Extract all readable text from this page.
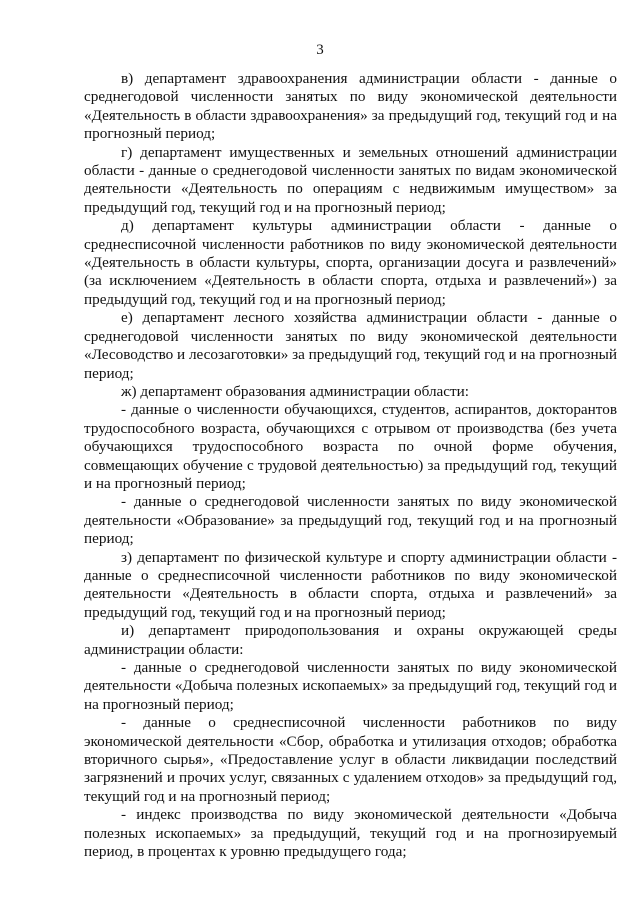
3

в) департамент здравоохранения администрации области - данные о среднегодовой численности занятых по виду экономической деятельности «Деятельность в области здравоохранения» за предыдущий год, текущий год и на прогнозный период;

г) департамент имущественных и земельных отношений администрации области - данные о среднегодовой численности занятых по видам экономической деятельности «Деятельность по операциям с недвижимым имуществом» за предыдущий год, текущий год и на прогнозный период;

д) департамент культуры администрации области - данные о среднесписочной численности работников по виду экономической деятельности «Деятельность в области культуры, спорта, организации досуга и развлечений» (за исключением «Деятельность в области спорта, отдыха и развлечений») за предыдущий год, текущий год и на прогнозный период;

е) департамент лесного хозяйства администрации области - данные о среднегодовой численности занятых по виду экономической деятельности «Лесоводство и лесозаготовки» за предыдущий год, текущий год и на прогнозный период;

ж) департамент образования администрации области:

- данные о численности обучающихся, студентов, аспирантов, докторантов трудоспособного возраста, обучающихся с отрывом от производства (без учета обучающихся трудоспособного возраста по очной форме обучения, совмещающих обучение с трудовой деятельностью) за предыдущий год, текущий и на прогнозный период;

- данные о среднегодовой численности занятых по виду экономической деятельности «Образование» за предыдущий год, текущий год и на прогнозный период;

з) департамент по физической культуре и спорту администрации области - данные о среднесписочной численности работников по виду экономической деятельности «Деятельность в области спорта, отдыха и развлечений» за предыдущий год, текущий год и на прогнозный период;

и) департамент природопользования и охраны окружающей среды администрации области:

- данные о среднегодовой численности занятых по виду экономической деятельности «Добыча полезных ископаемых» за предыдущий год, текущий год и на прогнозный период;

- данные о среднесписочной численности работников по виду экономической деятельности «Сбор, обработка и утилизация отходов; обработка вторичного сырья», «Предоставление услуг в области ликвидации последствий загрязнений и прочих услуг, связанных с удалением отходов» за предыдущий год, текущий год и на прогнозный период;

- индекс производства по виду экономической деятельности «Добыча полезных ископаемых» за предыдущий, текущий год и на прогнозируемый период, в процентах к уровню предыдущего года;
